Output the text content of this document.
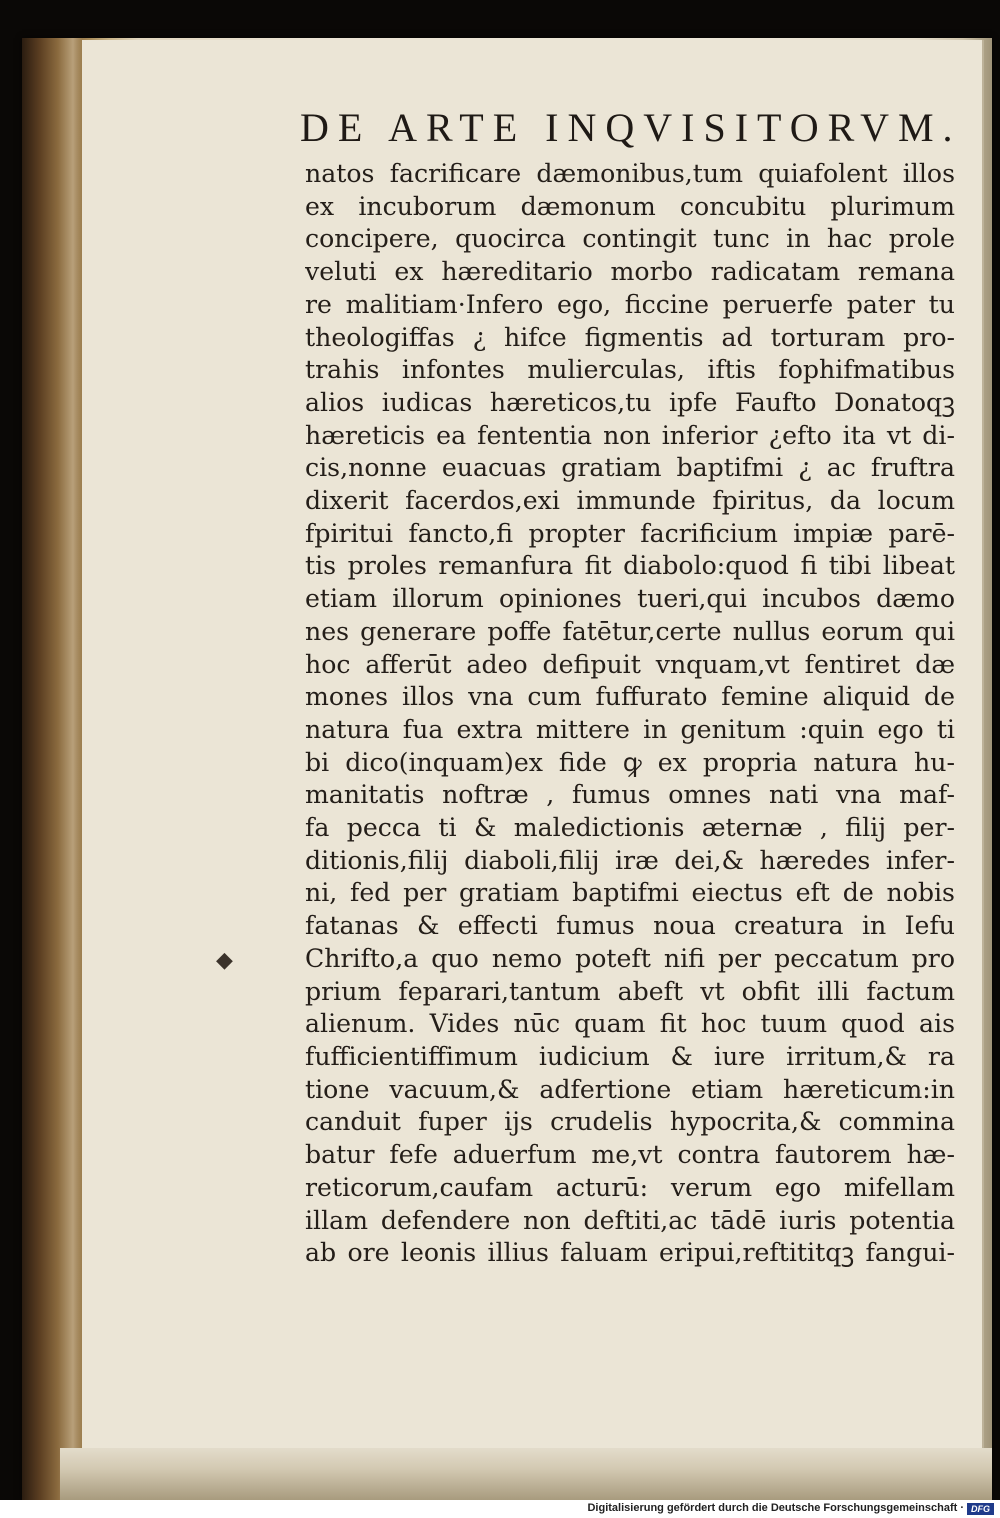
DE ARTE INQVISITORVM.
natos facrificare dæmonibus,tum quiafolent illos
ex incuborum dæmonum concubitu plurimum
concipere, quocirca contingit tunc in hac prole
veluti ex hæreditario morbo radicatam remana
re malitiam·Infero ego, ficcine peruerfe pater tu
theologiffas ¿ hifce figmentis ad torturam pro-
trahis infontes mulierculas, iftis fophifmatibus
alios iudicas hæreticos,tu ipfe Faufto Donatoqꝫ
hæreticis ea fententia non inferior ¿efto ita vt di-
cis,nonne euacuas gratiam baptifmi ¿ ac fruftra
dixerit facerdos,exi immunde fpiritus, da locum
fpiritui fancto,fi propter facrificium impiæ parē-
tis proles remanfura fit diabolo:quod fi tibi libeat
etiam illorum opiniones tueri,qui incubos dæmo
nes generare poffe fatētur,certe nullus eorum qui
hoc afferūt adeo defipuit vnquam,vt fentiret dæ
mones illos vna cum fuffurato femine aliquid de
natura fua extra mittere in genitum :quin ego ti
bi dico(inquam)ex fide ꝙ ex propria natura hu-
manitatis noftræ , fumus omnes nati vna maf-
fa pecca ti & maledictionis æternæ , filij per-
ditionis,filij diaboli,filij iræ dei,& hæredes infer-
ni, fed per gratiam baptifmi eiectus eft de nobis
fatanas & effecti fumus noua creatura in Iefu
Chrifto,a quo nemo poteft nifi per peccatum pro
prium feparari,tantum abeft vt obfit illi factum
alienum. Vides nūc quam fit hoc tuum quod ais
fufficientiffimum iudicium & iure irritum,& ra
tione vacuum,& adfertione etiam hæreticum:in
canduit fuper ijs crudelis hypocrita,& commina
batur fefe aduerfum me,vt contra fautorem hæ-
reticorum,caufam acturū: verum ego mifellam
illam defendere non deftiti,ac tādē iuris potentia
ab ore leonis illius faluam eripui,reftititqꝫ fangui-
◆
Digitalisierung gefördert durch die Deutsche Forschungsgemeinschaft · DFG
